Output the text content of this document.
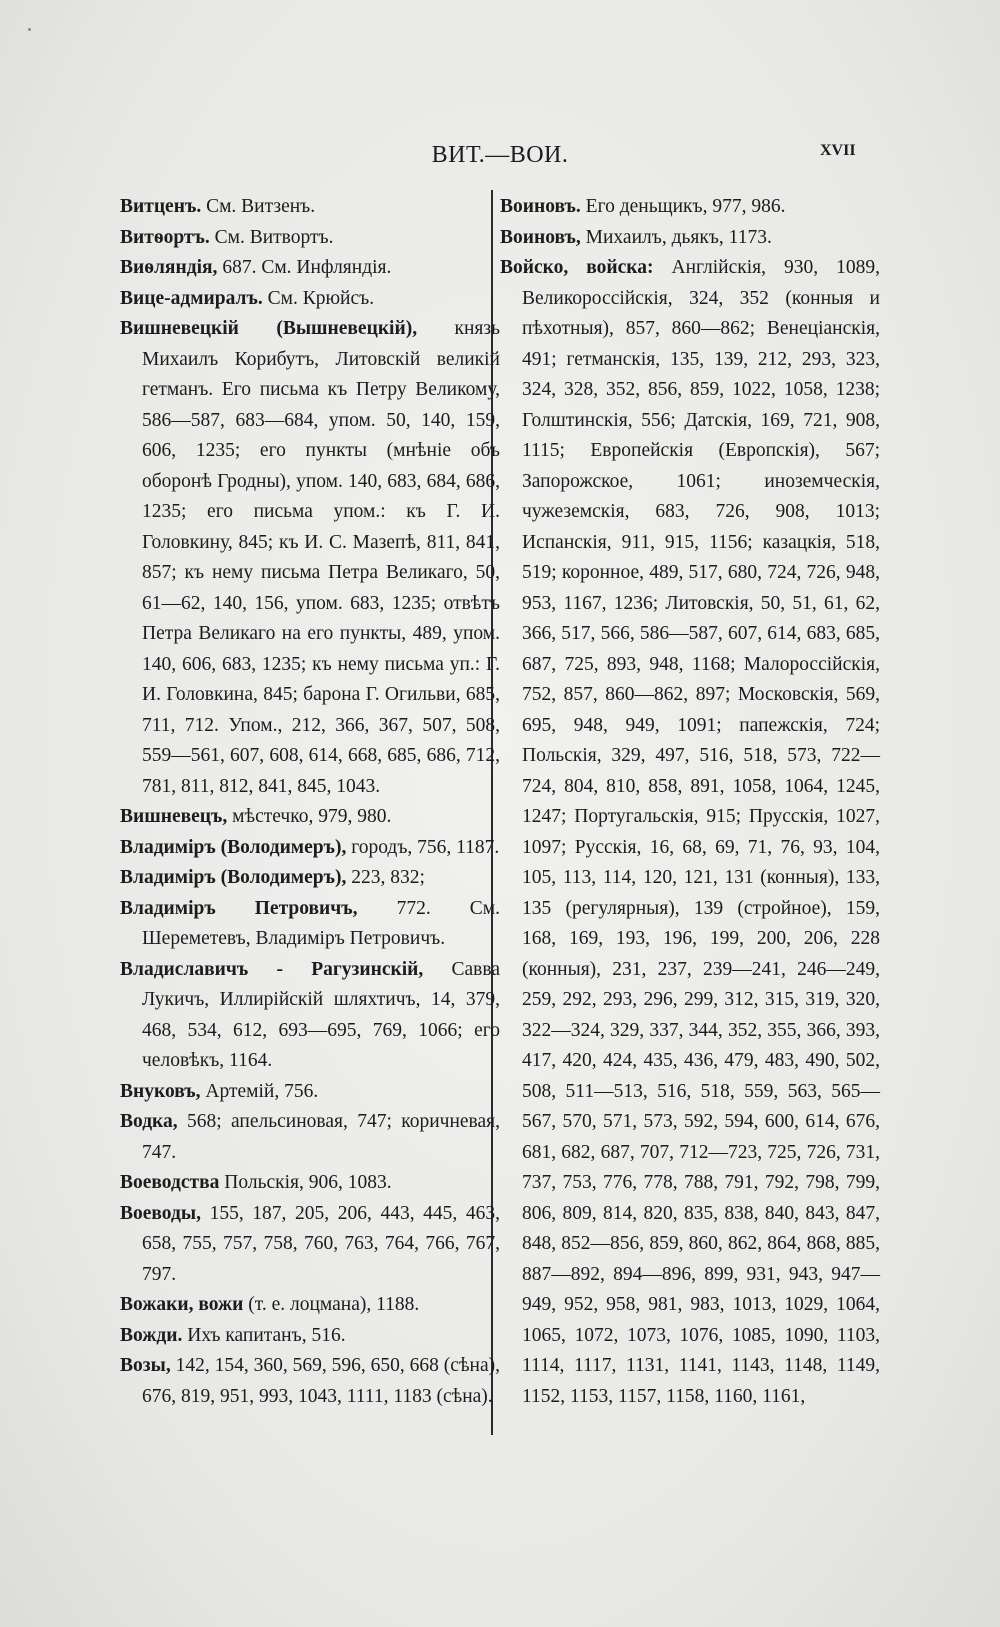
ВИТ.—ВОИ.	XVII

Витценъ. См. Витзенъ.

Витѳортъ. См. Витвортъ.

Виѳляндія, 687. См. Инфляндія.

Вице-адмиралъ. См. Крюйсъ.

Вишневецкій (Вышневецкій), князь Михаилъ Корибутъ, Литовскій великій гетманъ. Его письма къ Петру Великому, 586—587, 683—684, упом. 50, 140, 159, 606, 1235; его пункты (мнѣніе объ оборонѣ Гродны), упом. 140, 683, 684, 686, 1235; его письма упом.: къ Г. И. Головкину, 845; къ И. С. Мазепѣ, 811, 841, 857; къ нему письма Петра Великаго, 50, 61—62, 140, 156, упом. 683, 1235; отвѣтъ Петра Великаго на его пункты, 489, упом. 140, 606, 683, 1235; къ нему письма уп.: Г. И. Головкина, 845; барона Г. Огильви, 685, 711, 712. Упом., 212, 366, 367, 507, 508, 559—561, 607, 608, 614, 668, 685, 686, 712, 781, 811, 812, 841, 845, 1043.

Вишневецъ, мѣстечко, 979, 980.

Владиміръ (Володимеръ), городъ, 756, 1187.

Владиміръ (Володимеръ), 223, 832;

Владиміръ Петровичъ, 772. См. Шереметевъ, Владиміръ Петровичъ.

Владиславичъ - Рагузинскій, Савва Лукичъ, Иллирійскій шляхтичъ, 14, 379, 468, 534, 612, 693—695, 769, 1066; его человѣкъ, 1164.

Внуковъ, Артемій, 756.

Водка, 568; апельсиновая, 747; коричневая, 747.

Воеводства Польскія, 906, 1083.

Воеводы, 155, 187, 205, 206, 443, 445, 463, 658, 755, 757, 758, 760, 763, 764, 766, 767, 797.

Вожаки, вожи (т. е. лоцмана), 1188.

Вожди. Ихъ капитанъ, 516.

Возы, 142, 154, 360, 569, 596, 650, 668 (сѣна), 676, 819, 951, 993, 1043, 1111, 1183 (сѣна).

Воиновъ. Его деньщикъ, 977, 986.

Воиновъ, Михаилъ, дьякъ, 1173.

Войско, войска: Англійскія, 930, 1089, Великороссійскія, 324, 352 (конныя и пѣхотныя), 857, 860—862; Венеціанскія, 491; гетманскія, 135, 139, 212, 293, 323, 324, 328, 352, 856, 859, 1022, 1058, 1238; Голштинскія, 556; Датскія, 169, 721, 908, 1115; Европейскія (Европскія), 567; Запорожское, 1061; иноземческія, чужеземскія, 683, 726, 908, 1013; Испанскія, 911, 915, 1156; казацкія, 518, 519; коронное, 489, 517, 680, 724, 726, 948, 953, 1167, 1236; Литовскія, 50, 51, 61, 62, 366, 517, 566, 586—587, 607, 614, 683, 685, 687, 725, 893, 948, 1168; Малороссійскія, 752, 857, 860—862, 897; Московскія, 569, 695, 948, 949, 1091; папежскія, 724; Польскія, 329, 497, 516, 518, 573, 722—724, 804, 810, 858, 891, 1058, 1064, 1245, 1247; Португальскія, 915; Прусскія, 1027, 1097; Русскія, 16, 68, 69, 71, 76, 93, 104, 105, 113, 114, 120, 121, 131 (конныя), 133, 135 (регулярныя), 139 (стройное), 159, 168, 169, 193, 196, 199, 200, 206, 228 (конныя), 231, 237, 239—241, 246—249, 259, 292, 293, 296, 299, 312, 315, 319, 320, 322—324, 329, 337, 344, 352, 355, 366, 393, 417, 420, 424, 435, 436, 479, 483, 490, 502, 508, 511—513, 516, 518, 559, 563, 565—567, 570, 571, 573, 592, 594, 600, 614, 676, 681, 682, 687, 707, 712—723, 725, 726, 731, 737, 753, 776, 778, 788, 791, 792, 798, 799, 806, 809, 814, 820, 835, 838, 840, 843, 847, 848, 852—856, 859, 860, 862, 864, 868, 885, 887—892, 894—896, 899, 931, 943, 947—949, 952, 958, 981, 983, 1013, 1029, 1064, 1065, 1072, 1073, 1076, 1085, 1090, 1103, 1114, 1117, 1131, 1141, 1143, 1148, 1149, 1152, 1153, 1157, 1158, 1160, 1161,
